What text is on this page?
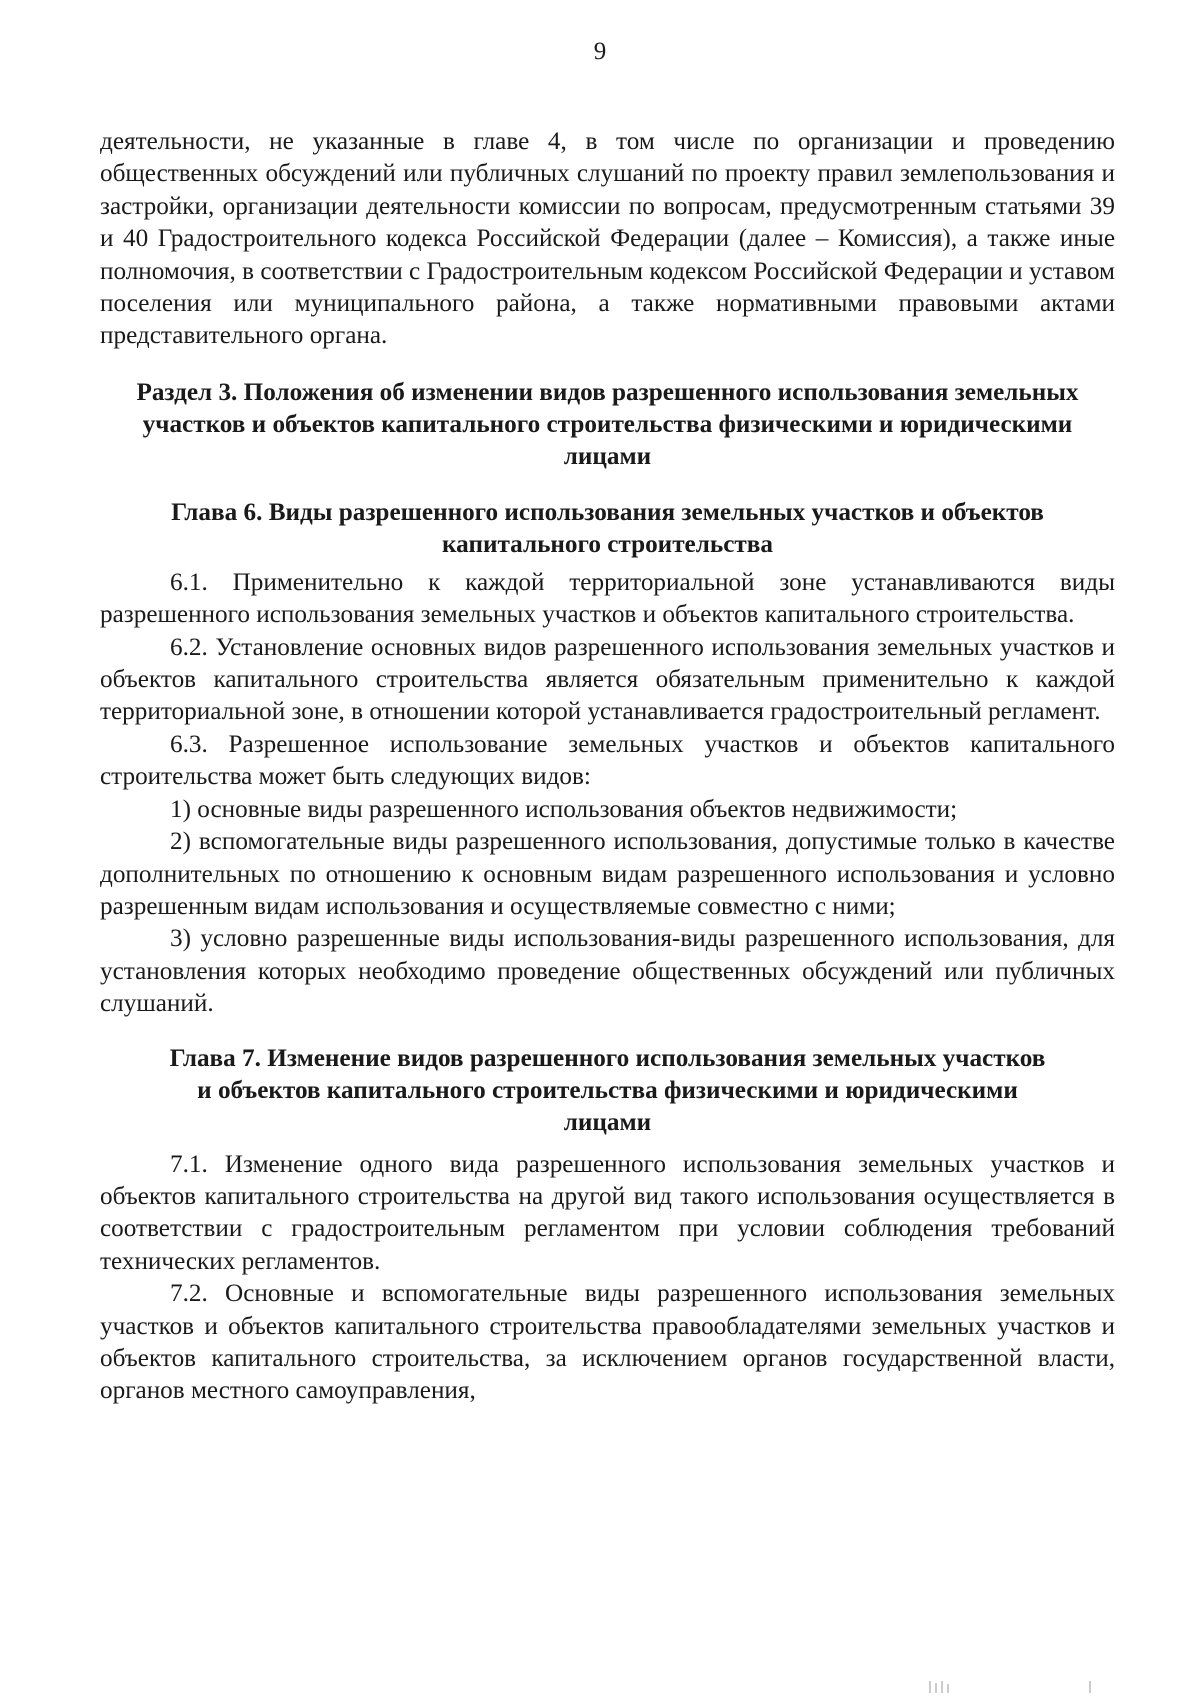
9

деятельности, не указанные в главе 4, в том числе по организации и проведению общественных обсуждений или публичных слушаний по проекту правил землепользования и застройки, организации деятельности комиссии по вопросам, предусмотренным статьями 39 и 40 Градостроительного кодекса Российской Федерации (далее – Комиссия), а также иные полномочия, в соответствии с Градостроительным кодексом Российской Федерации и уставом поселения или муниципального района, а также нормативными правовыми актами представительного органа.

Раздел 3. Положения об изменении видов разрешенного использования земельных участков и объектов капитального строительства физическими и юридическими лицами
Глава 6. Виды разрешенного использования земельных участков и объектов капитального строительства

6.1. Применительно к каждой территориальной зоне устанавливаются виды разрешенного использования земельных участков и объектов капитального строительства.

6.2. Установление основных видов разрешенного использования земельных участков и объектов капитального строительства является обязательным применительно к каждой территориальной зоне, в отношении которой устанавливается градостроительный регламент.

6.3. Разрешенное использование земельных участков и объектов капитального строительства может быть следующих видов:

1) основные виды разрешенного использования объектов недвижимости;

2) вспомогательные виды разрешенного использования, допустимые только в качестве дополнительных по отношению к основным видам разрешенного использования и условно разрешенным видам использования и осуществляемые совместно с ними;

3) условно разрешенные виды использования-виды разрешенного использования, для установления которых необходимо проведение общественных обсуждений или публичных слушаний.

Глава 7. Изменение видов разрешенного использования земельных участков и объектов капитального строительства физическими и юридическими лицами

7.1. Изменение одного вида разрешенного использования земельных участков и объектов капитального строительства на другой вид такого использования осуществляется в соответствии с градостроительным регламентом при условии соблюдения требований технических регламентов.

7.2. Основные и вспомогательные виды разрешенного использования земельных участков и объектов капитального строительства правообладателями земельных участков и объектов капитального строительства, за исключением органов государственной власти, органов местного самоуправления,
